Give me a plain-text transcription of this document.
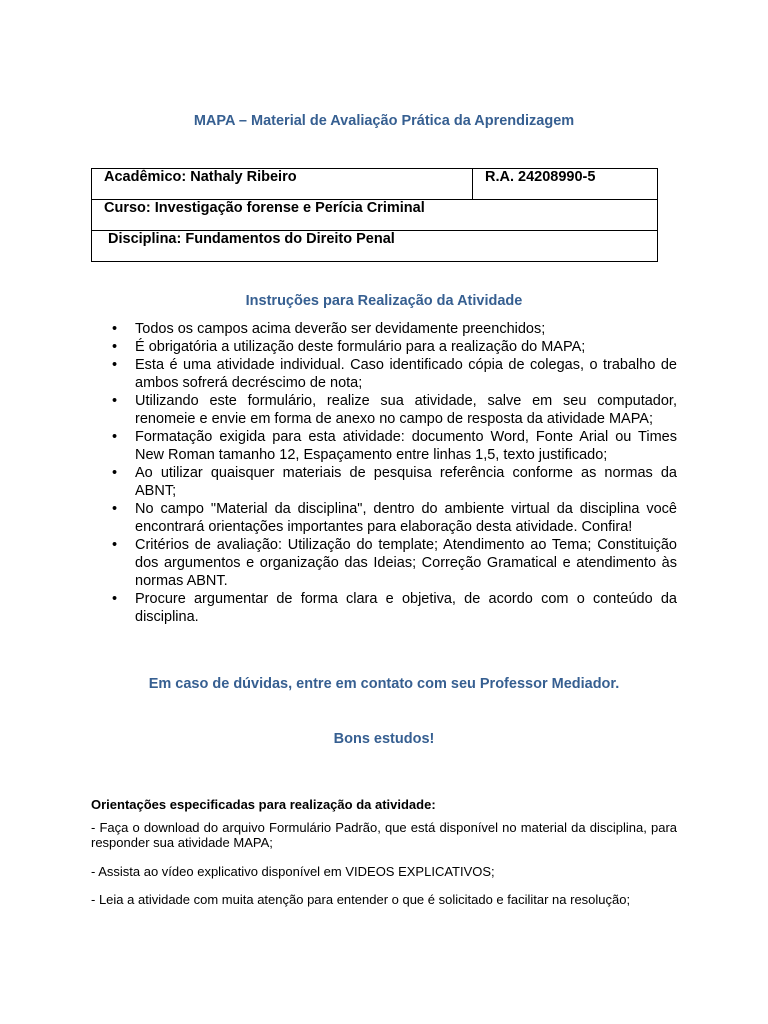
MAPA – Material de Avaliação Prática da Aprendizagem
Acadêmico: Nathaly Ribeiro	R.A. 24208990-5
Curso: Investigação forense e Perícia Criminal
Disciplina: Fundamentos do Direito Penal
Instruções para Realização da Atividade
• Todos os campos acima deverão ser devidamente preenchidos;
• É obrigatória a utilização deste formulário para a realização do MAPA;
• Esta é uma atividade individual. Caso identificado cópia de colegas, o trabalho de ambos sofrerá decréscimo de nota;
• Utilizando este formulário, realize sua atividade, salve em seu computador, renomeie e envie em forma de anexo no campo de resposta da atividade MAPA;
• Formatação exigida para esta atividade: documento Word, Fonte Arial ou Times New Roman tamanho 12, Espaçamento entre linhas 1,5, texto justificado;
• Ao utilizar quaisquer materiais de pesquisa referência conforme as normas da ABNT;
• No campo "Material da disciplina", dentro do ambiente virtual da disciplina você encontrará orientações importantes para elaboração desta atividade. Confira!
• Critérios de avaliação: Utilização do template; Atendimento ao Tema; Constituição dos argumentos e organização das Ideias; Correção Gramatical e atendimento às normas ABNT.
• Procure argumentar de forma clara e objetiva, de acordo com o conteúdo da disciplina.
Em caso de dúvidas, entre em contato com seu Professor Mediador.
Bons estudos!
Orientações especificadas para realização da atividade:

- Faça o download do arquivo Formulário Padrão, que está disponível no material da disciplina, para responder sua atividade MAPA;

- Assista ao vídeo explicativo disponível em VIDEOS EXPLICATIVOS;

- Leia a atividade com muita atenção para entender o que é solicitado e facilitar na resolução;
